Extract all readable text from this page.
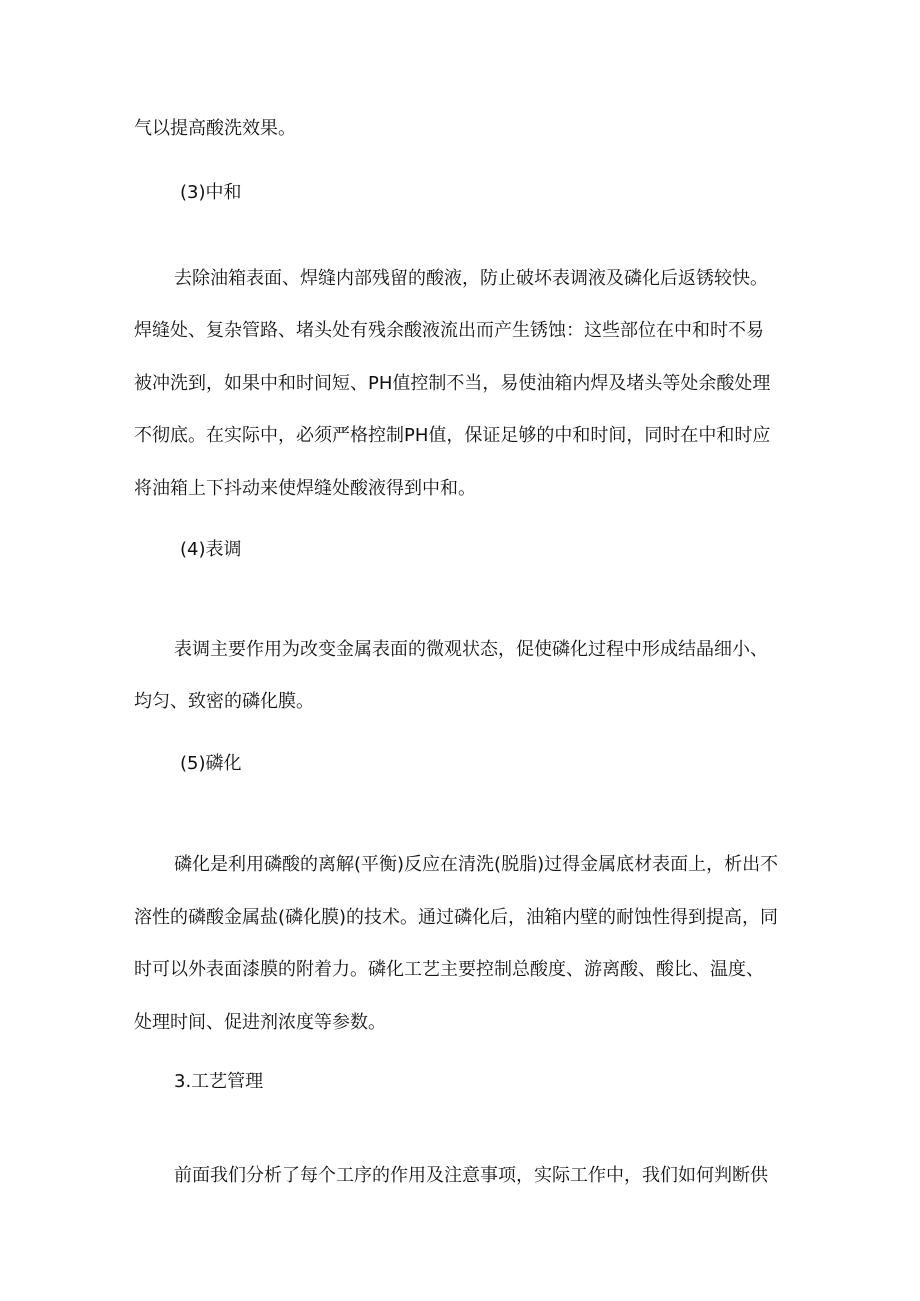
气以提高酸洗效果。
(3)中和
去除油箱表面、焊缝内部残留的酸液，防止破坏表调液及磷化后返锈较快。
焊缝处、复杂管路、堵头处有残余酸液流出而产生锈蚀：这些部位在中和时不易
被冲洗到，如果中和时间短、PH值控制不当，易使油箱内焊及堵头等处余酸处理
不彻底。在实际中，必须严格控制PH值，保证足够的中和时间，同时在中和时应
将油箱上下抖动来使焊缝处酸液得到中和。
(4)表调
表调主要作用为改变金属表面的微观状态，促使磷化过程中形成结晶细小、
均匀、致密的磷化膜。
(5)磷化
磷化是利用磷酸的离解(平衡)反应在清洗(脱脂)过得金属底材表面上，析出不
溶性的磷酸金属盐(磷化膜)的技术。通过磷化后，油箱内壁的耐蚀性得到提高，同
时可以外表面漆膜的附着力。磷化工艺主要控制总酸度、游离酸、酸比、温度、
处理时间、促进剂浓度等参数。
3.工艺管理
前面我们分析了每个工序的作用及注意事项，实际工作中，我们如何判断供
